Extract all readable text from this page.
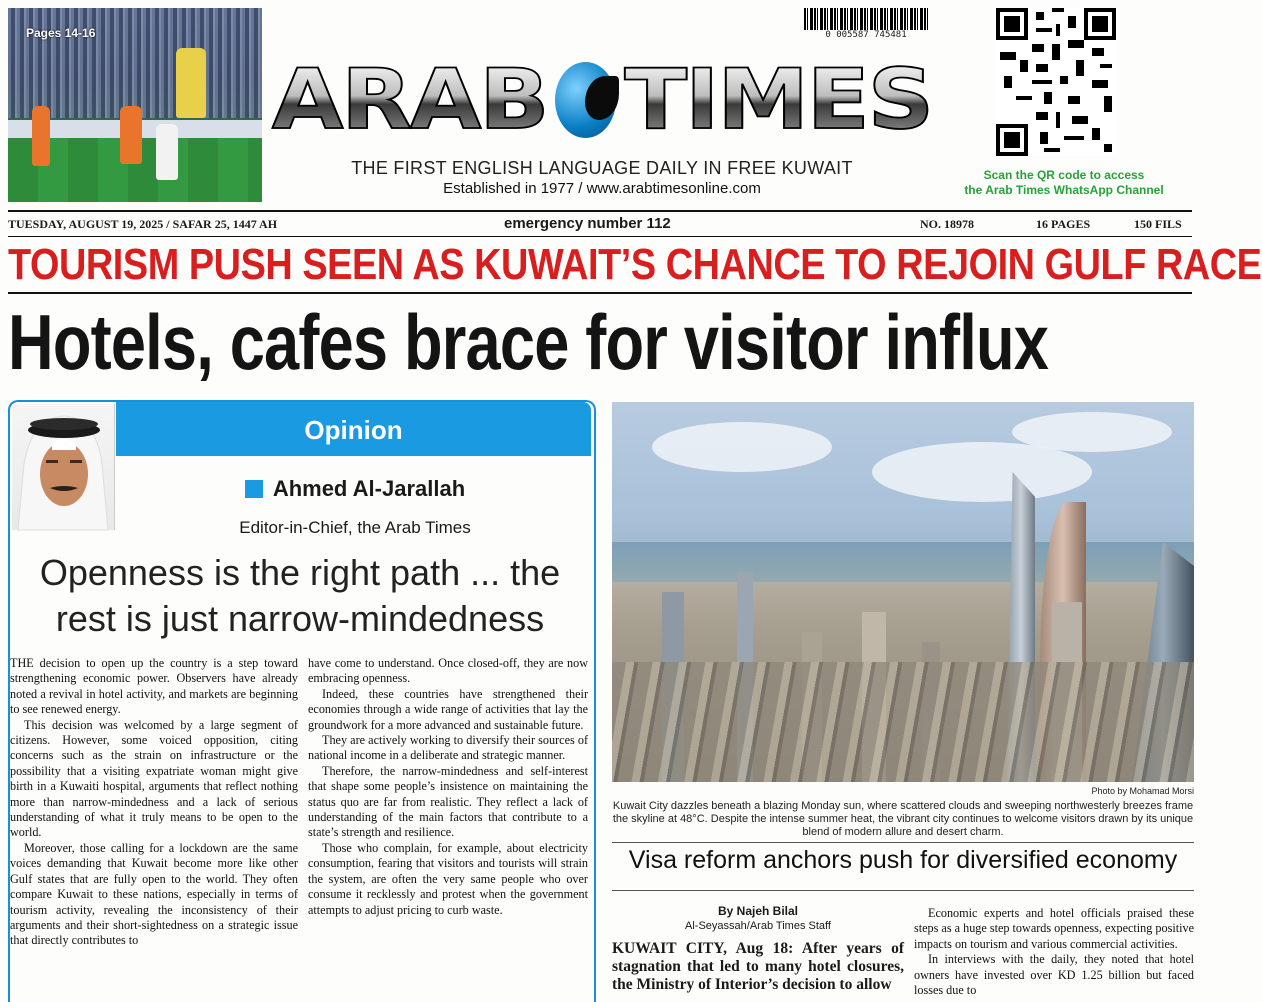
Pages 14-16	0 005587 745481
ARAB TIMES
THE FIRST ENGLISH LANGUAGE DAILY IN FREE KUWAIT
Established in 1977 / www.arabtimesonline.com
Scan the QR code to access
the Arab Times WhatsApp Channel
TUESDAY, AUGUST 19, 2025 / SAFAR 25, 1447 AH	emergency number 112	NO. 18978	16 PAGES	150 FILS
TOURISM PUSH SEEN AS KUWAIT’S CHANCE TO REJOIN GULF RACE
Hotels, cafes brace for visitor influx
Opinion
Ahmed Al-Jarallah
Editor-in-Chief, the Arab Times
Openness is the right path ... the
rest is just narrow-mindedness

THE decision to open up the country is a step toward strengthening economic power. Observers have already noted a revival in hotel activity, and markets are beginning to see renewed energy.

This decision was welcomed by a large segment of citizens. However, some voiced opposition, citing concerns such as the strain on infrastructure or the possibility that a visiting expatriate woman might give birth in a Kuwaiti hospital, arguments that reflect nothing more than narrow-mindedness and a lack of serious understanding of what it truly means to be open to the world.

Moreover, those calling for a lockdown are the same voices demanding that Kuwait become more like other Gulf states that are fully open to the world. They often compare Kuwait to these nations, especially in terms of tourism activity, revealing the inconsistency of their arguments and their short-sightedness on a strategic issue that directly contributes to

have come to understand. Once closed-off, they are now embracing openness.

Indeed, these countries have strengthened their economies through a wide range of activities that lay the groundwork for a more advanced and sustainable future.

They are actively working to diversify their sources of national income in a deliberate and strategic manner.

Therefore, the narrow-mindedness and self-interest that shape some people’s insistence on maintaining the status quo are far from realistic. They reflect a lack of understanding of the main factors that contribute to a state’s strength and resilience.

Those who complain, for example, about electricity consumption, fearing that visitors and tourists will strain the system, are often the very same people who over consume it recklessly and protest when the government attempts to adjust pricing to curb waste.

Photo by Mohamad Morsi
Kuwait City dazzles beneath a blazing Monday sun, where scattered clouds and sweeping northwesterly breezes frame the skyline at 48°C. Despite the intense summer heat, the vibrant city continues to welcome visitors drawn by its unique blend of modern allure and desert charm.
Visa reform anchors push for diversified economy
By Najeh Bilal
Al-Seyassah/Arab Times Staff
KUWAIT CITY, Aug 18: After years of stagnation that led to many hotel closures, the Ministry of Interior’s decision to allow

Economic experts and hotel officials praised these steps as a huge step towards openness, expecting positive impacts on tourism and various commercial activities.

In interviews with the daily, they noted that hotel owners have invested over KD 1.25 billion but faced losses due to
